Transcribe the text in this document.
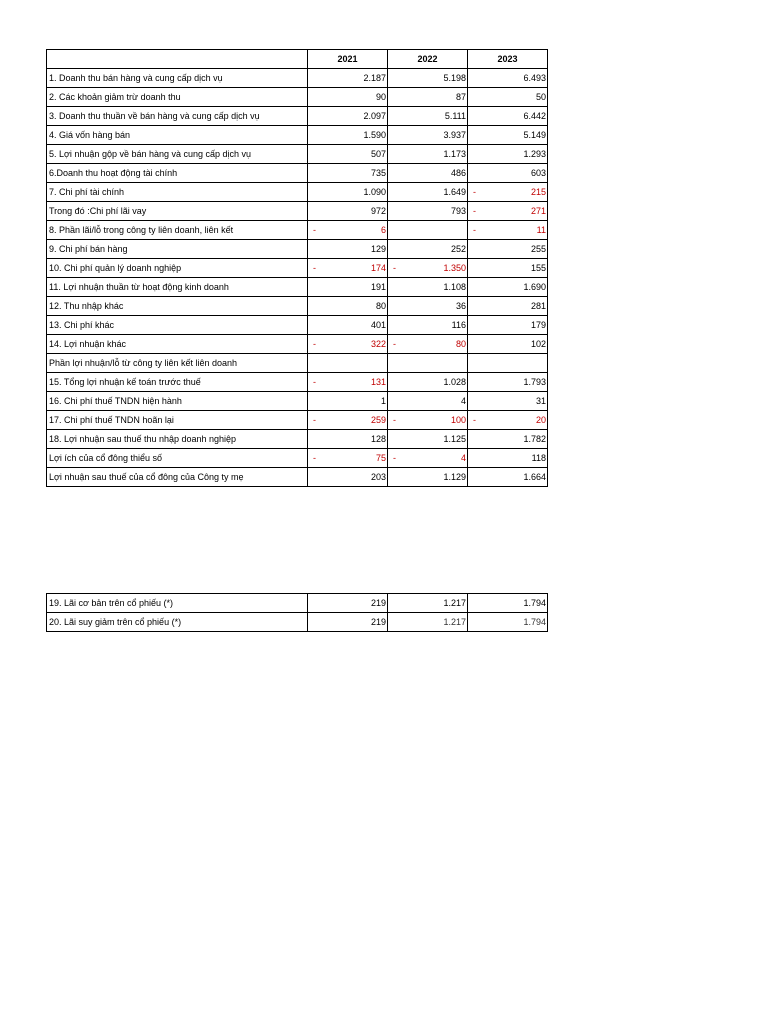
	2021	2022	2023
1. Doanh thu bán hàng và cung cấp dịch vụ	2.187	5.198	6.493
2. Các khoản giảm trừ doanh thu	90	87	50
3. Doanh thu thuần về bán hàng và cung cấp dịch vụ	2.097	5.111	6.442
4. Giá vốn hàng bán	1.590	3.937	5.149
5. Lợi nhuận gộp về bán hàng và cung cấp dịch vụ	507	1.173	1.293
6.Doanh thu hoạt động tài chính	735	486	603
7. Chi phí tài chính	1.090	1.649	- 215
Trong đó :Chi phí lãi vay	972	793	- 271
8. Phần lãi/lỗ trong công ty liên doanh, liên kết	- 6		- 11
9. Chi phí bán hàng	129	252	255
10. Chi phí quản lý doanh nghiệp	- 174	- 1.350	155
11. Lợi nhuận thuần từ hoạt động kinh doanh	191	1.108	1.690
12. Thu nhập khác	80	36	281
13. Chi phí khác	401	116	179
14. Lợi nhuận khác	- 322	- 80	102
Phần lợi nhuận/lỗ từ công ty liên kết liên doanh			
15. Tổng lợi nhuận kế toán trước thuế	- 131	1.028	1.793
16. Chi phí thuế TNDN hiện hành	1	4	31
17. Chi phí thuế TNDN hoãn lại	- 259	- 100	- 20
18. Lợi nhuận sau thuế thu nhập doanh nghiệp	128	1.125	1.782
Lợi ích của cổ đông thiểu số	- 75	- 4	118
Lợi nhuận sau thuế của cổ đông của Công ty mẹ	203	1.129	1.664
19. Lãi cơ bản trên cổ phiếu (*)	219	1.217	1.794
20. Lãi suy giảm trên cổ phiếu (*)	219	1.217	1.794
